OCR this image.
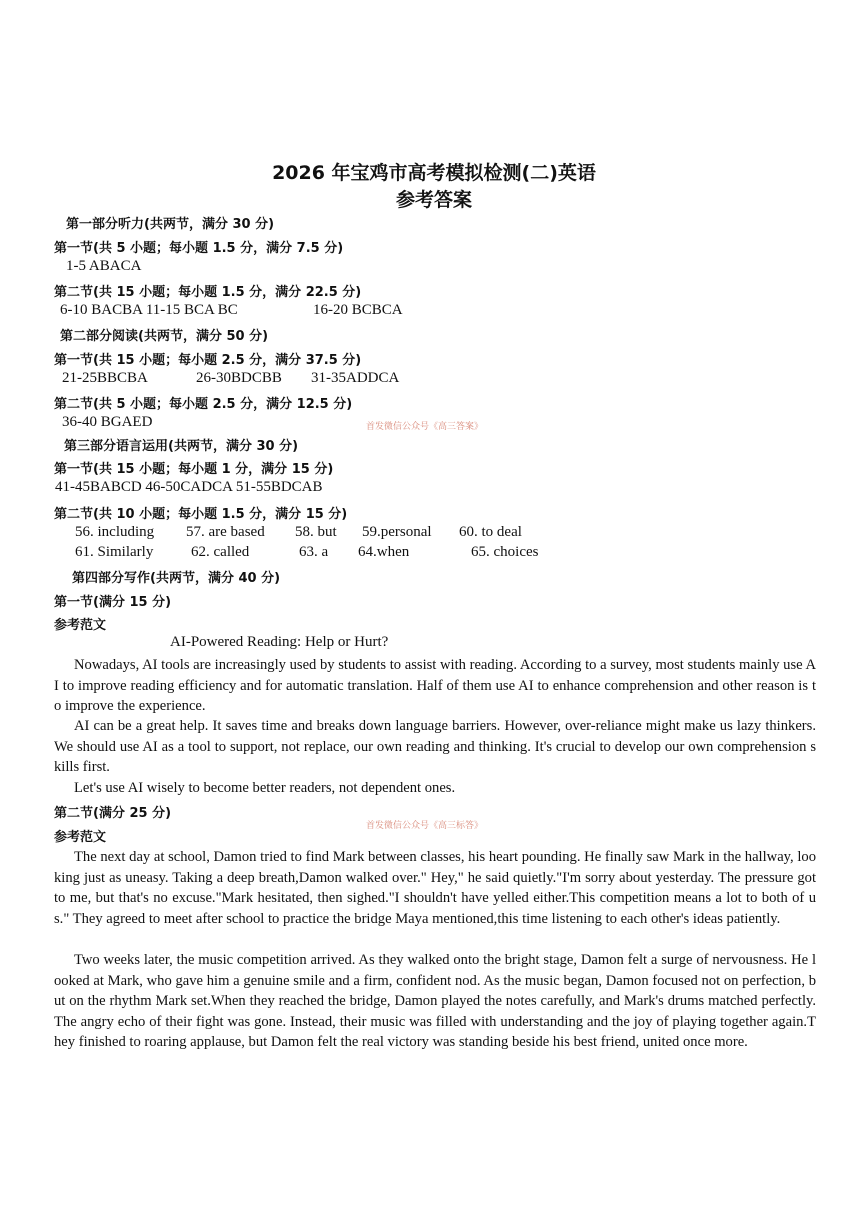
2026 年宝鸡市高考模拟检测(二)英语
参考答案
第一部分听力(共两节，满分 30 分)
第一节(共 5 小题；每小题 1.5 分，满分 7.5 分)
1-5 ABACA
第二节(共 15 小题；每小题 1.5 分，满分 22.5 分)
6-10 BACBA 11-15 BCA BC	16-20 BCBCA
第二部分阅读(共两节，满分 50 分)
第一节(共 15 小题；每小题 2.5 分，满分 37.5 分)
21-25BBCBA	26-30BDCBB 31-35ADDCA
第二节(共 5 小题；每小题 2.5 分，满分 12.5 分)
36-40 BGAED	首发微信公众号《高三答案》
第三部分语言运用(共两节，满分 30 分)
第一节(共 15 小题；每小题 1 分，满分 15 分)
41-45BABCD 46-50CADCA 51-55BDCAB
第二节(共 10 小题；每小题 1.5 分，满分 15 分)
56. including 57. are based 58. but 59.personal 60. to deal
61. Similarly	62. called	63. a 64.when	65. choices
第四部分写作(共两节，满分 40 分)
第一节(满分 15 分)
参考范文
AI-Powered Reading: Help or Hurt?

Nowadays, AI tools are increasingly used by students to assist with reading. According to a survey, most students mainly use AI to improve reading efficiency and for automatic translation. Half of them use AI to enhance comprehension and other reason is to improve the experience.

AI can be a great help. It saves time and breaks down language barriers. However, over-reliance might make us lazy thinkers. We should use AI as a tool to support, not replace, our own reading and thinking. It's crucial to develop our own comprehension skills first.

Let's use AI wisely to become better readers, not dependent ones.

第二节(满分 25 分)
首发微信公众号《高三标答》
参考范文

The next day at school, Damon tried to find Mark between classes, his heart pounding. He finally saw Mark in the hallway, looking just as uneasy. Taking a deep breath,Damon walked over." Hey," he said quietly."I'm sorry about yesterday. The pressure got to me, but that's no excuse."Mark hesitated, then sighed."I shouldn't have yelled either.This competition means a lot to both of us." They agreed to meet after school to practice the bridge Maya mentioned,this time listening to each other's ideas patiently.

Two weeks later, the music competition arrived. As they walked onto the bright stage, Damon felt a surge of nervousness. He looked at Mark, who gave him a genuine smile and a firm, confident nod. As the music began, Damon focused not on perfection, but on the rhythm Mark set.When they reached the bridge, Damon played the notes carefully, and Mark's drums matched perfectly. The angry echo of their fight was gone. Instead, their music was filled with understanding and the joy of playing together again.They finished to roaring applause, but Damon felt the real victory was standing beside his best friend, united once more.
